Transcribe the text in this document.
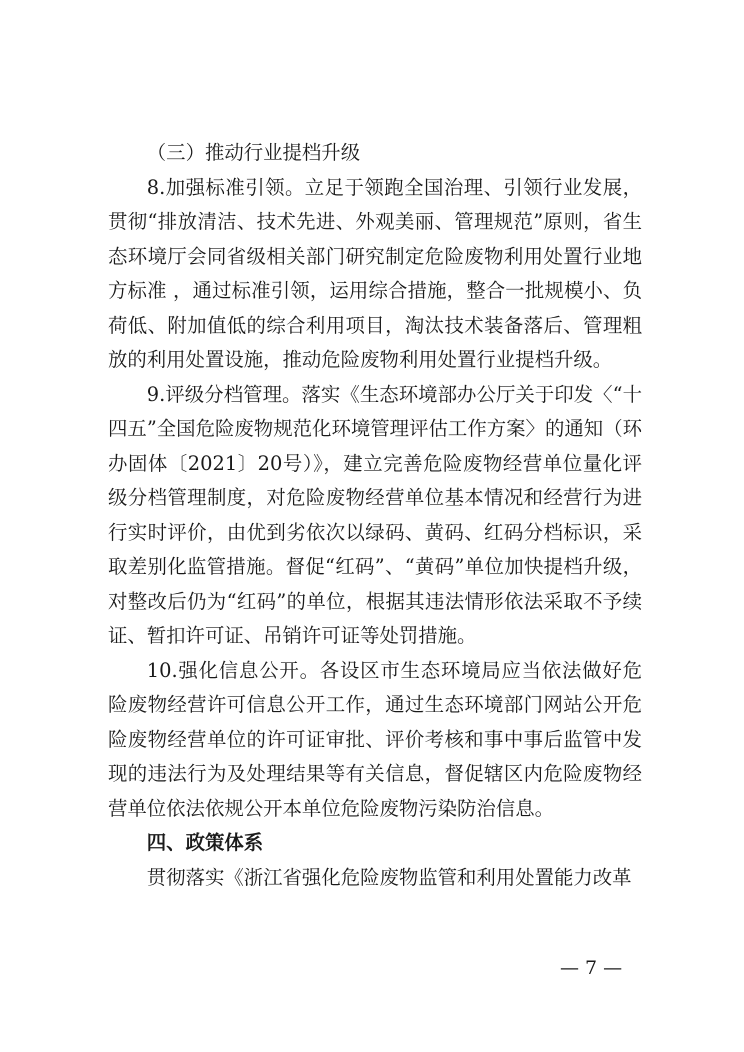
（三）推动行业提档升级

8.加强标准引领。立足于领跑全国治理、引领行业发展，贯彻“排放清洁、技术先进、外观美丽、管理规范”原则，省生态环境厅会同省级相关部门研究制定危险废物利用处置行业地方标准 ，通过标准引领，运用综合措施，整合一批规模小、负荷低、附加值低的综合利用项目，淘汰技术装备落后、管理粗放的利用处置设施，推动危险废物利用处置行业提档升级。

9.评级分档管理。落实《生态环境部办公厅关于印发〈“十四五”全国危险废物规范化环境管理评估工作方案〉的通知（环办固体〔2021〕20号）》，建立完善危险废物经营单位量化评级分档管理制度，对危险废物经营单位基本情况和经营行为进行实时评价，由优到劣依次以绿码、黄码、红码分档标识，采取差别化监管措施。督促“红码”、“黄码”单位加快提档升级，对整改后仍为“红码”的单位，根据其违法情形依法采取不予续证、暂扣许可证、吊销许可证等处罚措施。

10.强化信息公开。各设区市生态环境局应当依法做好危险废物经营许可信息公开工作，通过生态环境部门网站公开危险废物经营单位的许可证审批、评价考核和事中事后监管中发现的违法行为及处理结果等有关信息，督促辖区内危险废物经营单位依法依规公开本单位危险废物污染防治信息。

四、政策体系

贯彻落实《浙江省强化危险废物监管和利用处置能力改革

— 7 —
